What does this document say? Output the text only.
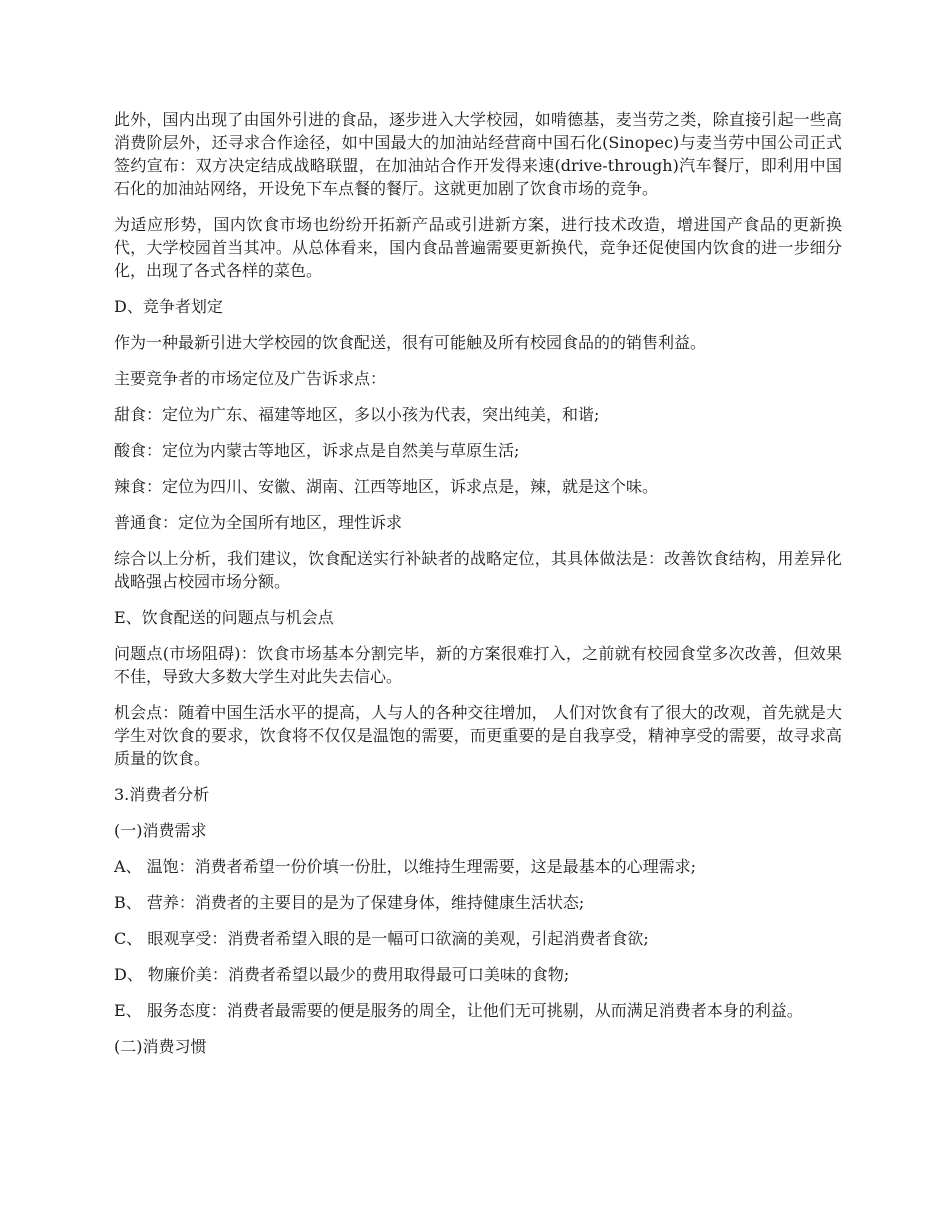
此外，国内出现了由国外引进的食品，逐步进入大学校园，如啃德基，麦当劳之类，除直接引起一些高消费阶层外，还寻求合作途径，如中国最大的加油站经营商中国石化(Sinopec)与麦当劳中国公司正式签约宣布：双方决定结成战略联盟，在加油站合作开发得来速(drive-through)汽车餐厅，即利用中国石化的加油站网络，开设免下车点餐的餐厅。这就更加剧了饮食市场的竞争。

为适应形势，国内饮食市场也纷纷开拓新产品或引进新方案，进行技术改造，增进国产食品的更新换代，大学校园首当其冲。从总体看来，国内食品普遍需要更新换代，竞争还促使国内饮食的进一步细分化，出现了各式各样的菜色。

D、竞争者划定

作为一种最新引进大学校园的饮食配送，很有可能触及所有校园食品的的销售利益。

主要竞争者的市场定位及广告诉求点：

甜食：定位为广东、福建等地区，多以小孩为代表，突出纯美，和谐;

酸食：定位为内蒙古等地区，诉求点是自然美与草原生活;

辣食：定位为四川、安徽、湖南、江西等地区，诉求点是，辣，就是这个味。

普通食：定位为全国所有地区，理性诉求

综合以上分析，我们建议，饮食配送实行补缺者的战略定位，其具体做法是：改善饮食结构，用差异化战略强占校园市场分额。

E、饮食配送的问题点与机会点

问题点(市场阻碍)：饮食市场基本分割完毕，新的方案很难打入，之前就有校园食堂多次改善，但效果不佳，导致大多数大学生对此失去信心。

机会点：随着中国生活水平的提高，人与人的各种交往增加， 人们对饮食有了很大的改观，首先就是大学生对饮食的要求，饮食将不仅仅是温饱的需要，而更重要的是自我享受，精神享受的需要，故寻求高质量的饮食。

3.消费者分析

(一)消费需求

A、 温饱：消费者希望一份价填一份肚，以维持生理需要，这是最基本的心理需求;

B、 营养：消费者的主要目的是为了保建身体，维持健康生活状态;

C、 眼观享受：消费者希望入眼的是一幅可口欲滴的美观，引起消费者食欲;

D、 物廉价美：消费者希望以最少的费用取得最可口美味的食物;

E、 服务态度：消费者最需要的便是服务的周全，让他们无可挑剔，从而满足消费者本身的利益。

(二)消费习惯
